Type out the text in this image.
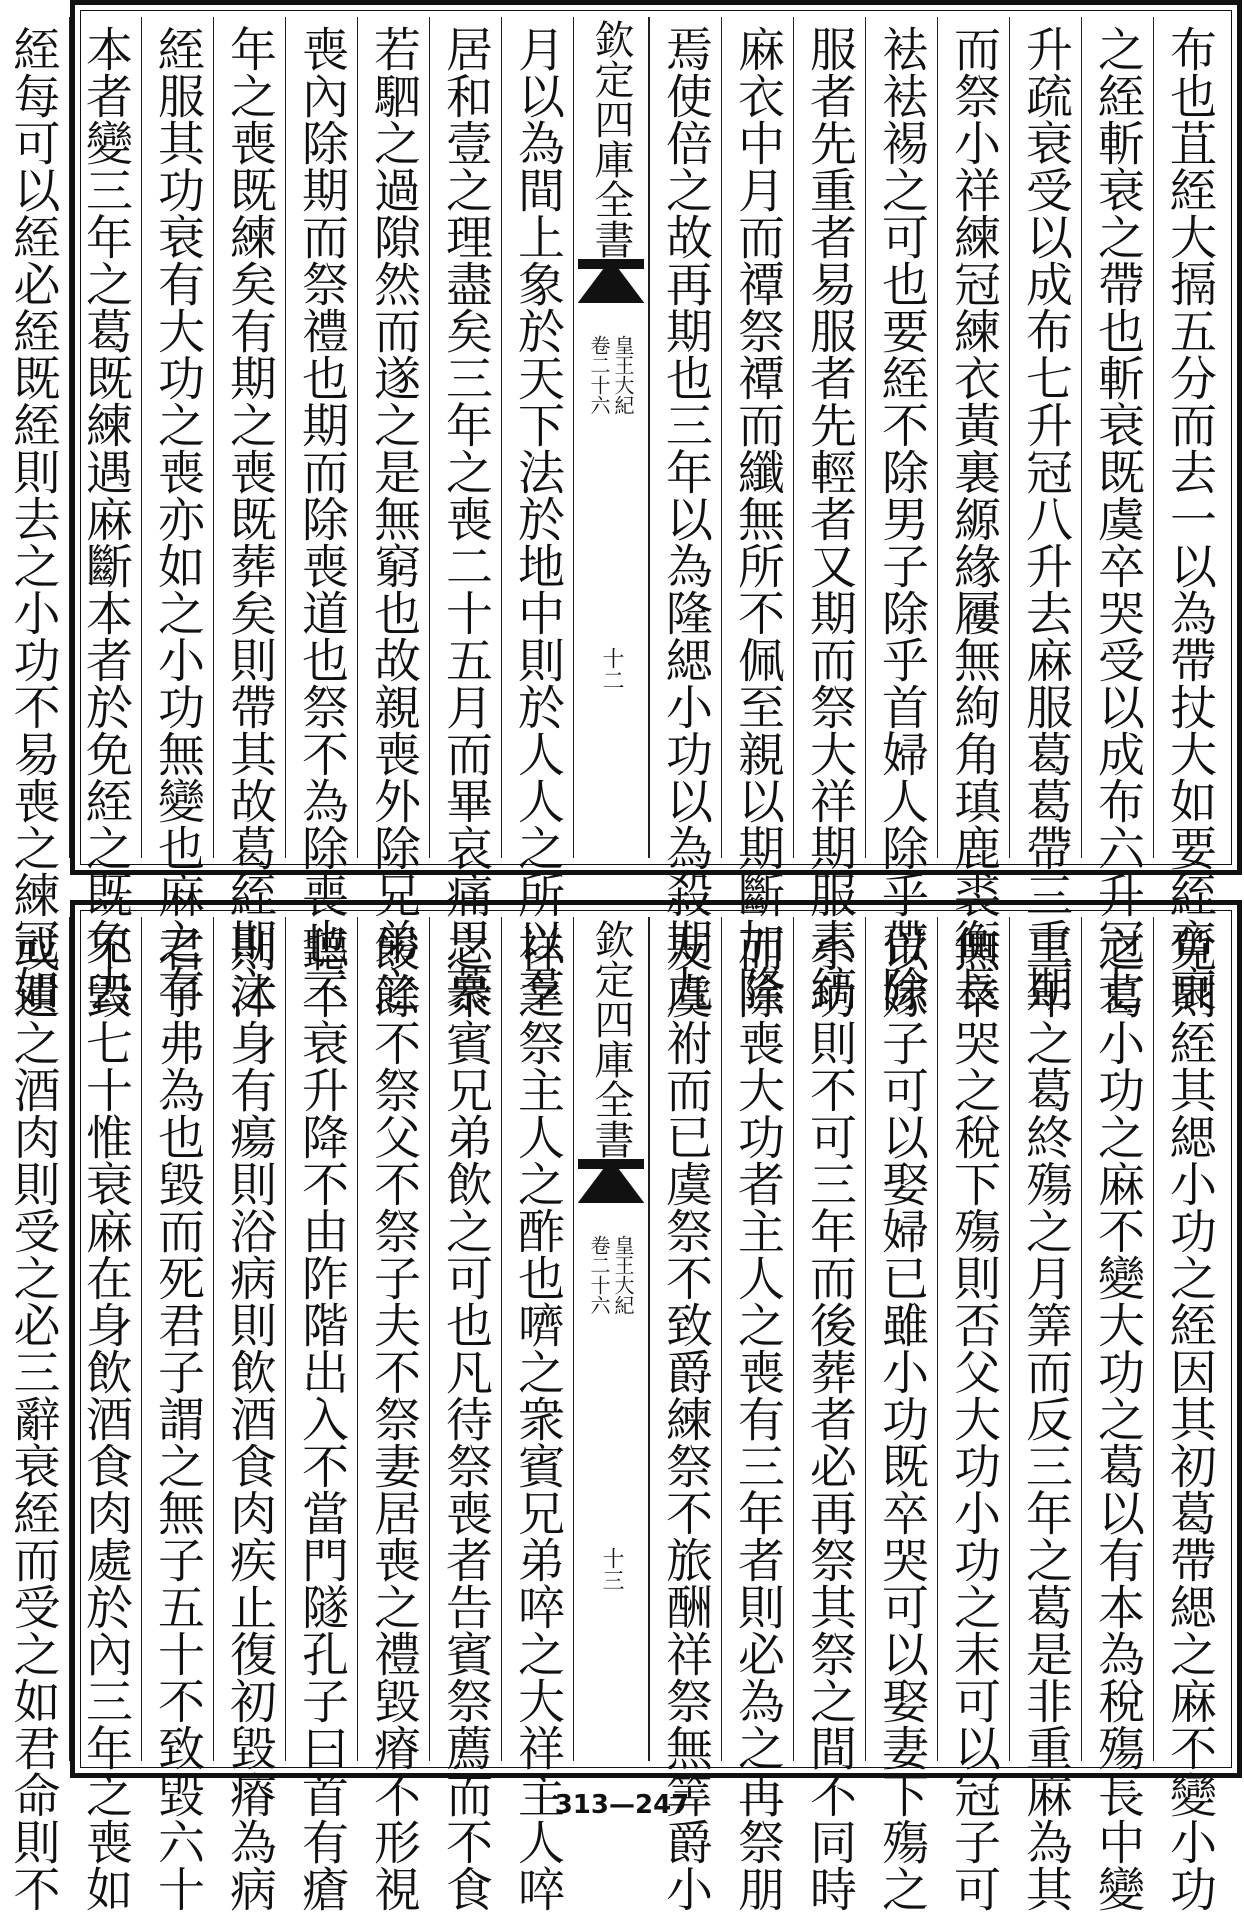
布也苴絰大搹五分而去一以為帶扙大如要絰齊衰
之絰斬衰之帶也斬衰既虞卒哭受以成布六升冠七
升疏衰受以成布七升冠八升去麻服葛葛帶三重期
而祭小祥練冠練衣黃裏縓緣屨無絇角瑱鹿裘衡長
袪袪裼之可也要絰不除男子除乎首婦人除乎帶除
服者先重者易服者先輕者又期而祭大祥期服素縞
麻衣中月而禫祭禫而纖無所不佩至親以期斷加隆
焉使倍之故再期也三年以為隆緦小功以為殺期九
欽定四庫全書
皇王大紀
卷二十六
十二
月以為間上象於天下法於地中則於人人之所以羣
居和壹之理盡矣三年之喪二十五月而畢哀痛思慕
若駟之過隙然而遂之是無窮也故親喪外除兄弟之
喪內除期而祭禮也期而除喪道也祭不為除喪也三
年之喪既練矣有期之喪既葬矣則帶其故葛絰期之
絰服其功衰有大功之喪亦如之小功無變也麻之有
本者變三年之葛既練遇麻斷本者於免絰之既免去
絰每可以絰必絰既絰則去之小功不易喪之練冠如
免則絰其緦小功之絰因其初葛帶緦之麻不變小功
之葛小功之麻不變大功之葛以有本為稅殤長中變
三年之葛終殤之月筭而反三年之葛是非重麻為其
無卒哭之稅下殤則否父大功小功之末可以冠子可
以嫁子可以娶婦已雖小功既卒哭可以娶妻下殤之
小功則不可三年而後葬者必再祭其祭之間不同時
而除喪大功者主人之喪有三年者則必為之再祭朋
友虞祔而已虞祭不致爵練祭不旅酬祥祭無筭爵小
欽定四庫全書
皇王大紀
卷二十六
十三
祥之祭主人之酢也嚌之衆賓兄弟啐之大祥主人啐
之衆賓兄弟飲之可也凡待祭喪者告賓祭薦而不食
餕餘不祭父不祭子夫不祭妻居喪之禮毀瘠不形視
聽不衰升降不由阼階出入不當門隧孔子曰首有瘡
則沐身有瘍則浴病則飲酒食肉疾止復初毀瘠為病
君子弗為也毀而死君子謂之無子五十不致毀六十
不毀七十惟衰麻在身飲酒食肉處於內三年之喪如
或遺之酒肉則受之必三辭衰絰而受之如君命則不	313—247
